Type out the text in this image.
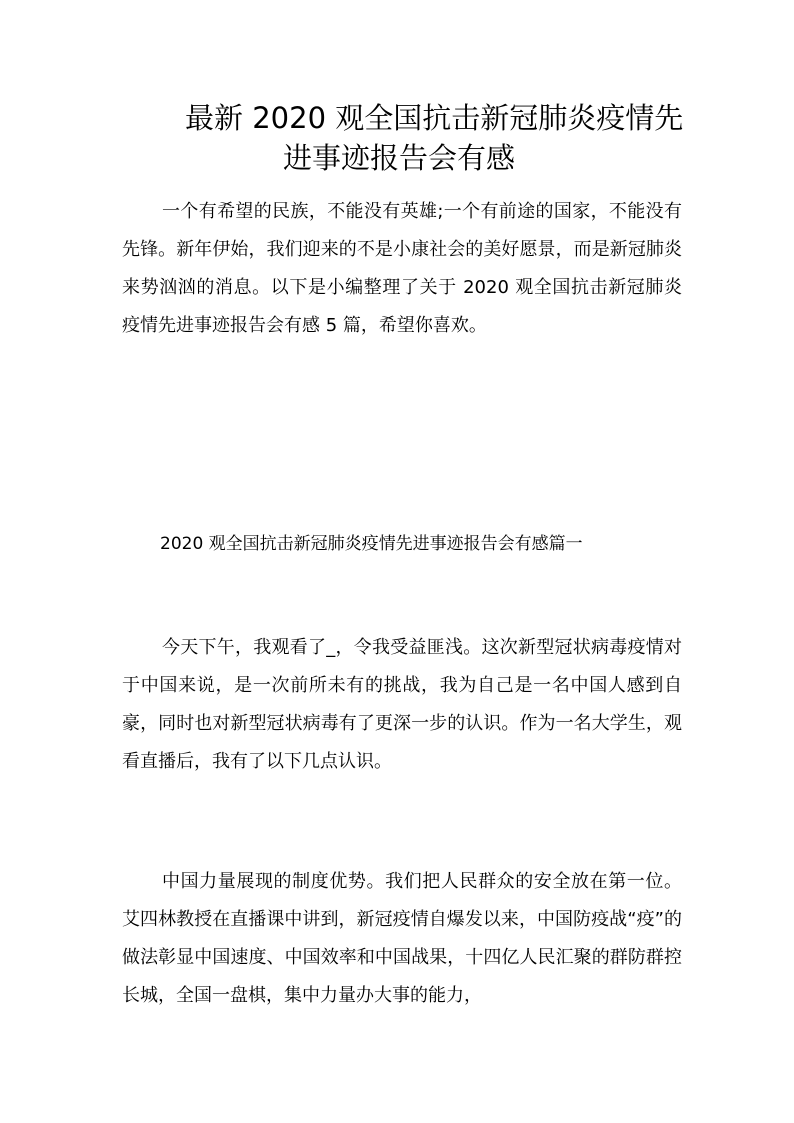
最新 2020 观全国抗击新冠肺炎疫情先
进事迹报告会有感
一个有希望的民族，不能没有英雄;一个有前途的国家，不能没有先锋。新年伊始，我们迎来的不是小康社会的美好愿景，而是新冠肺炎来势汹汹的消息。以下是小编整理了关于 2020 观全国抗击新冠肺炎疫情先进事迹报告会有感 5 篇，希望你喜欢。
2020 观全国抗击新冠肺炎疫情先进事迹报告会有感篇一
今天下午，我观看了_，令我受益匪浅。这次新型冠状病毒疫情对于中国来说，是一次前所未有的挑战，我为自己是一名中国人感到自豪，同时也对新型冠状病毒有了更深一步的认识。作为一名大学生，观看直播后，我有了以下几点认识。
中国力量展现的制度优势。我们把人民群众的安全放在第一位。艾四林教授在直播课中讲到，新冠疫情自爆发以来，中国防疫战“疫”的做法彰显中国速度、中国效率和中国战果，十四亿人民汇聚的群防群控长城，全国一盘棋，集中力量办大事的能力，
